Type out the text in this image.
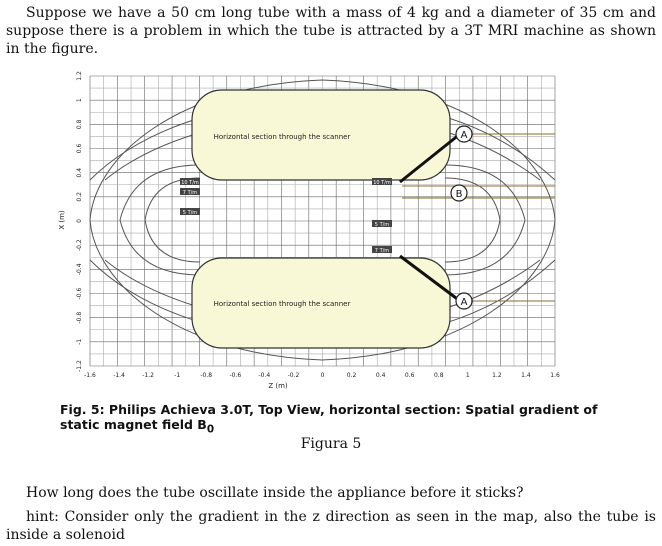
Suppose we have a 50 cm long tube with a mass of 4 kg and a diameter of 35 cm and suppose there is a problem in which the tube is attracted by a 3T MRI machine as shown in the figure.
Horizontal section through the scanner
Horizontal section through the scanner
10 T/m
7 T/m
5 T/m
10 T/m
5 T/m
7 T/m
A
B
A
-1.6	-1.4	-1.2	-1	-0.8	-0.6	-0.4	-0.2	0	0.2	0.4	0.6	0.8	1	1.2	1.4	1.6
1.2
1
0.8
0.6
0.4
0.2
0
-0.2
-0.4
-0.6
-0.8
-1
-1.2
Z (m)
X (m)
Fig. 5: Philips Achieva 3.0T, Top View, horizontal section: Spatial gradient of static magnet field $B_0$
Figura 5
How long does the tube oscillate inside the appliance before it sticks?
hint: Consider only the gradient in the z direction as seen in the map, also the tube is inside a solenoid
